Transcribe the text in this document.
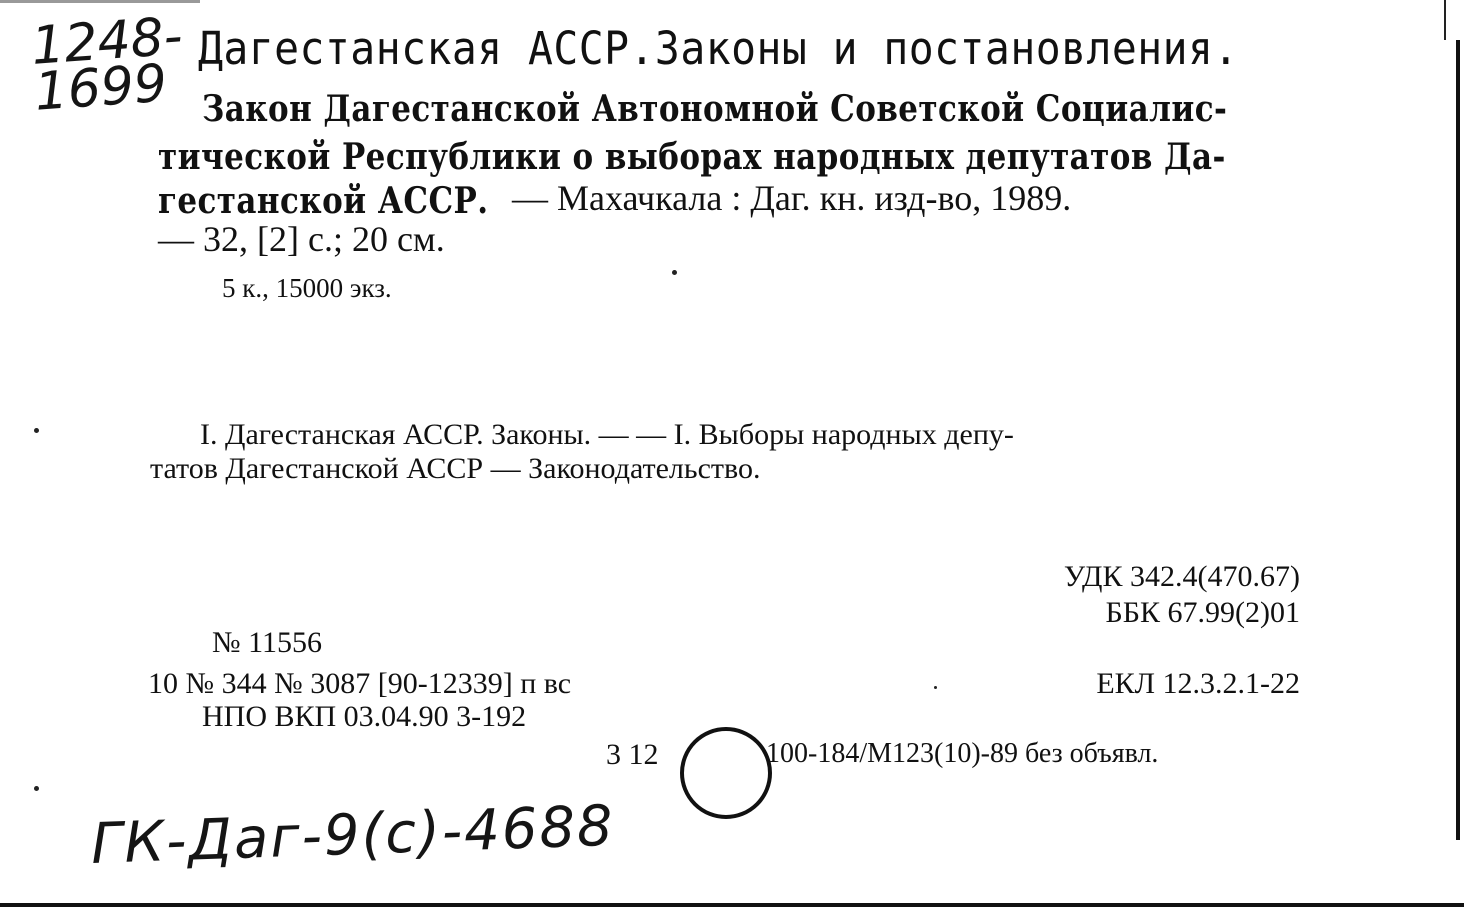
1248-
1699
Дагестанская АССР.Законы и постановления.
Закон Дагестанской Автономной Советской Социалис-
тической Республики о выборах народных депутатов Да-
гестанской АССР. — Махачкала : Даг. кн. изд-во, 1989.
— 32, [2] с.; 20 см.
5 к., 15000 экз.
I. Дагестанская АССР. Законы. — — I. Выборы народных депу-
татов Дагестанской АССР — Законодательство.
УДК 342.4(470.67)
ББК 67.99(2)01
№ 11556
10 № 344 № 3087 [90-12339] п вс	ЕКЛ 12.3.2.1-22
НПО ВКП 03.04.90 3-192
3 12	100-184/М123(10)-89 без объявл.
ГК-Даг-9(с)-4688
